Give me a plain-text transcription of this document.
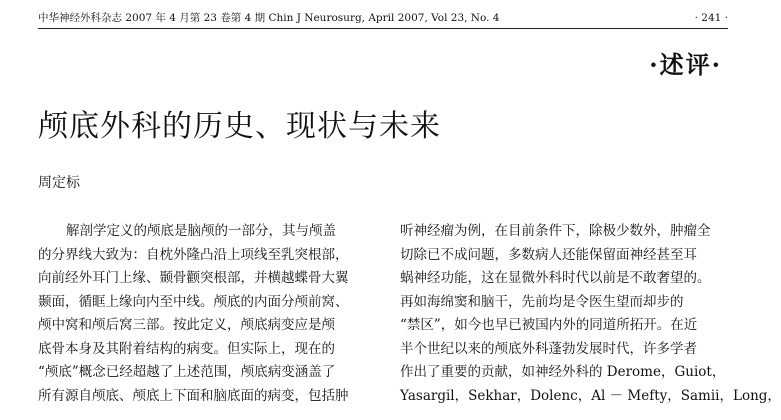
中华神经外科杂志 2007 年 4 月第 23 卷第 4 期 Chin J Neurosurg, April 2007, Vol 23, No. 4	· 241 ·
·述评·
颅底外科的历史、现状与未来
周定标
解剖学定义的颅底是脑颅的一部分，其与颅盖
的分界线大致为：自枕外隆凸沿上项线至乳突根部，
向前经外耳门上缘、颞骨颧突根部，并横越蝶骨大翼
颞面，循眶上缘向内至中线。颅底的内面分颅前窝、
颅中窝和颅后窝三部。按此定义，颅底病变应是颅
底骨本身及其附着结构的病变。但实际上，现在的
“颅底”概念已经超越了上述范围，颅底病变涵盖了
所有源自颅底、颅底上下面和脑底面的病变，包括肿
听神经瘤为例，在目前条件下，除极少数外，肿瘤全
切除已不成问题，多数病人还能保留面神经甚至耳
蜗神经功能，这在显微外科时代以前是不敢奢望的。
再如海绵窦和脑干，先前均是令医生望而却步的
“禁区”，如今也早已被国内外的同道所拓开。在近
半个世纪以来的颅底外科蓬勃发展时代，许多学者
作出了重要的贡献，如神经外科的 Derome，Guiot，
Yasargil，Sekhar，Dolenc，Al － Mefty，Samii，Long，
